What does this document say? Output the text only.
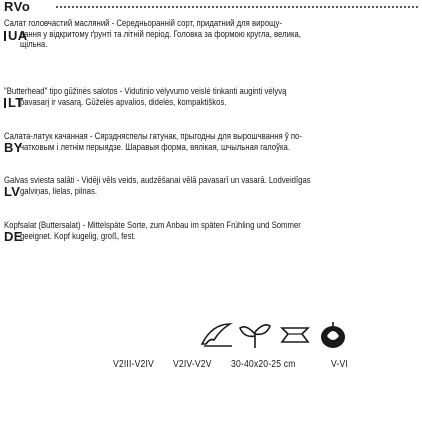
RVo
Салат головчастий масляний - Середньоранній сорт, придатний для вирощу-
UA
вання у відкритому ґрунті та літній період. Головка за формою кругла, велика,
щільна.
"Butterhead" tipo gūžinės salotos - Vidutinio vėlyvumo veislė tinkanti auginti vėlyvą
LT
pavasarį ir vasarą. Gūželės apvalios, didelės, kompaktiškos.
Салата-латук качанная - Сярэдняспелы гатунак, прыгодны для вырошчвання ў по-
BY
чатковым і летнім перыядзе. Шаравыя форма, вялікая, шчыльная галоўка.
Galvas sviesta salāti - Vidēji vēls veids, audzēšanai vēlā pavasarī un vasarā. Lodveidīgas
LV galviņas, lielas, pilnas.
Kopfsalat (Buttersalat) - Mittelspäte Sorte, zum Anbau im späten Frühling und Sommer
DE
geeignet. Kopf kugelig, groß, fest.
V2III-V2IV V2IV-V2V 30-40x20-25 cm	V-VI
